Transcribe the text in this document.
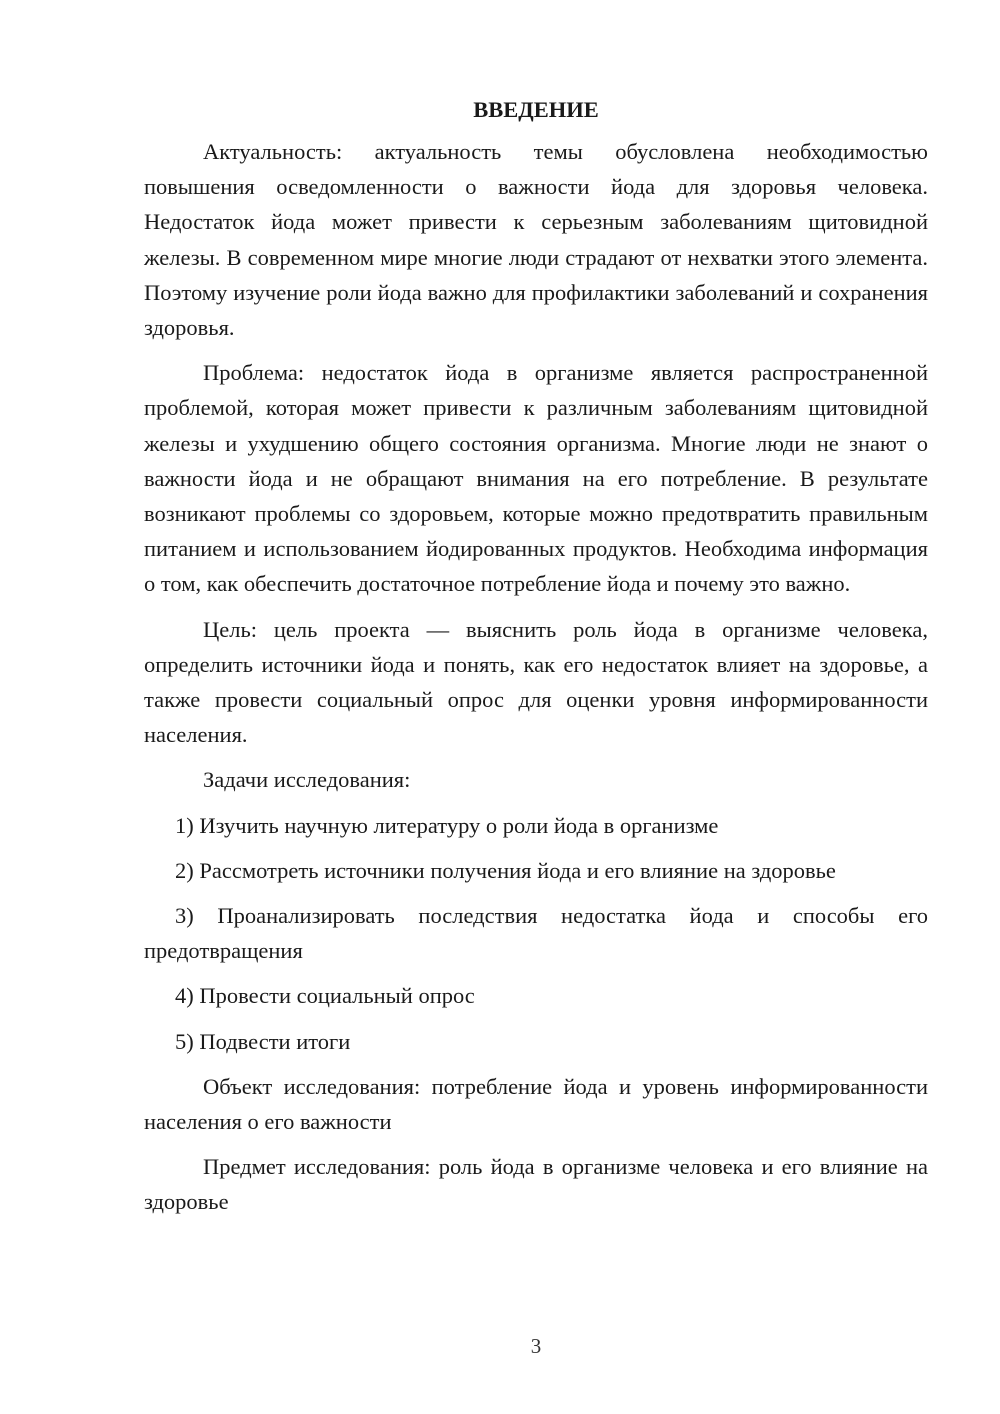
ВВЕДЕНИЕ

Актуальность: актуальность темы обусловлена необходимостью повышения осведомленности о важности йода для здоровья человека. Недостаток йода может привести к серьезным заболеваниям щитовидной железы. В современном мире многие люди страдают от нехватки этого элемента. Поэтому изучение роли йода важно для профилактики заболеваний и сохранения здоровья.

Проблема: недостаток йода в организме является распространенной проблемой, которая может привести к различным заболеваниям щитовидной железы и ухудшению общего состояния организма. Многие люди не знают о важности йода и не обращают внимания на его потребление. В результате возникают проблемы со здоровьем, которые можно предотвратить правильным питанием и использованием йодированных продуктов. Необходима информация о том, как обеспечить достаточное потребление йода и почему это важно.

Цель: цель проекта — выяснить роль йода в организме человека, определить источники йода и понять, как его недостаток влияет на здоровье, а также провести социальный опрос для оценки уровня информированности населения.

Задачи исследования:

1) Изучить научную литературу о роли йода в организме

2) Рассмотреть источники получения йода и его влияние на здоровье

3) Проанализировать последствия недостатка йода и способы его предотвращения

4) Провести социальный опрос

5) Подвести итоги

Объект исследования: потребление йода и уровень информированности населения о его важности

Предмет исследования: роль йода в организме человека и его влияние на здоровье

3
